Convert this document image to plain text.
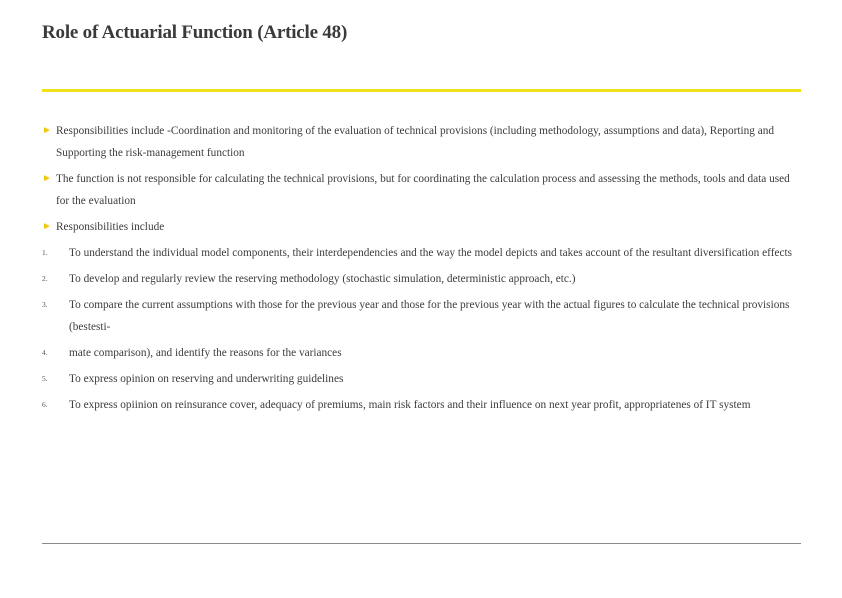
Role of Actuarial Function (Article 48)
► Responsibilities include -Coordination and monitoring of the evaluation of technical provisions (including methodology, assumptions and data), Reporting and Supporting the risk-management function
► The function is not responsible for calculating the technical provisions, but for coordinating the calculation process and assessing the methods, tools and data used for the evaluation
► Responsibilities include
1. To understand the individual model components, their interdependencies and the way the model depicts and takes account of the resultant diversification effects
2. To develop and regularly review the reserving methodology (stochastic simulation, deterministic approach, etc.)
3. To compare the current assumptions with those for the previous year and those for the previous year with the actual figures to calculate the technical provisions (bestesti-
4. mate comparison), and identify the reasons for the variances
5. To express opinion on reserving and underwriting guidelines
6. To express opiinion on reinsurance cover, adequacy of premiums, main risk factors and their influence on next year profit, appropriatenes of IT system
